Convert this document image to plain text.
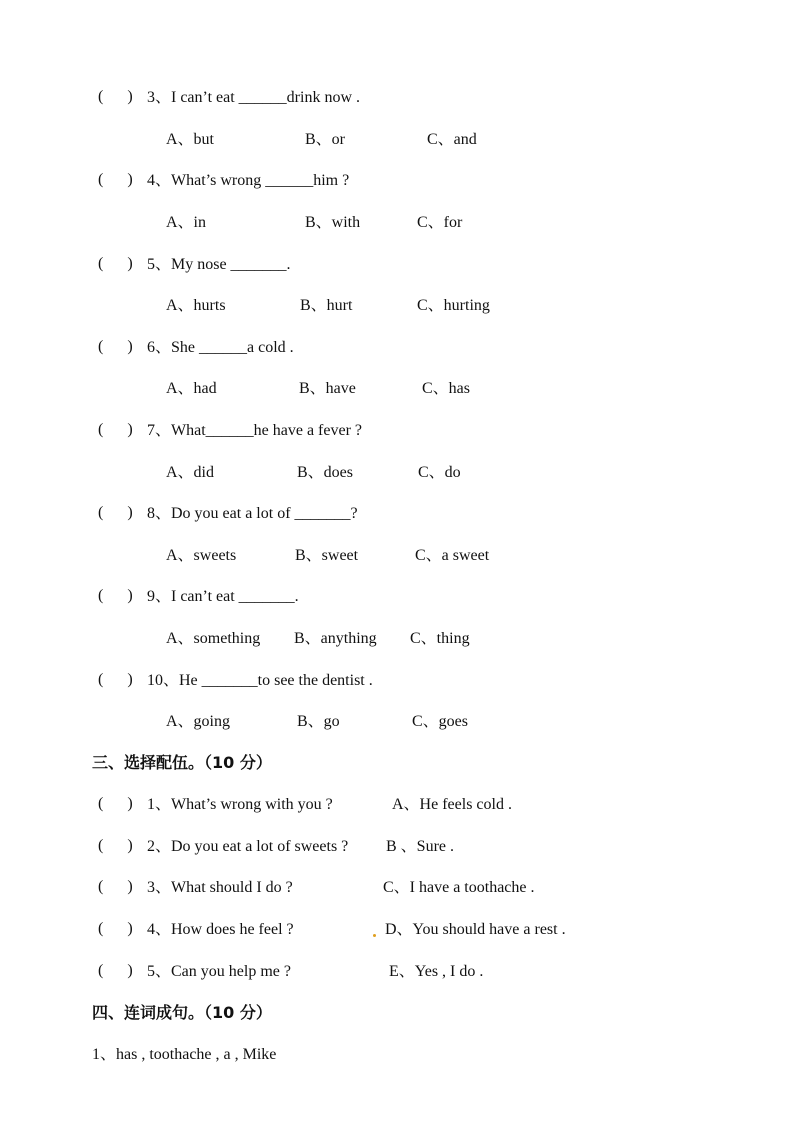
(      ) 3、I can’t eat ______drink now .
A、but	B、or	C、and
(      ) 4、What’s wrong ______him ?
A、in	B、with	C、for
(      ) 5、My nose _______.
A、hurts	B、hurt	C、hurting
(      ) 6、She ______a cold .
A、had	B、have	C、has
(      ) 7、What______he have a fever ?
A、did	B、does	C、do
(      ) 8、Do you eat a lot of _______?
A、sweets	B、sweet	C、a sweet
(      ) 9、I can’t eat _______.
A、something B、anything C、thing
(      ) 10、He _______to see the dentist .
A、going	B、go	C、goes
三、选择配伍。（10 分）
(      ) 1、What’s wrong with you ?	A、He feels cold .
(      ) 2、Do you eat a lot of sweets ? B 、Sure .
(      ) 3、What should I do ?	C、I have a toothache .
(      ) 4、How does he feel ?	D、You should have a rest .
(      ) 5、Can you help me ?	E、Yes , I do .
四、连词成句。（10 分）
1、has , toothache , a , Mike
